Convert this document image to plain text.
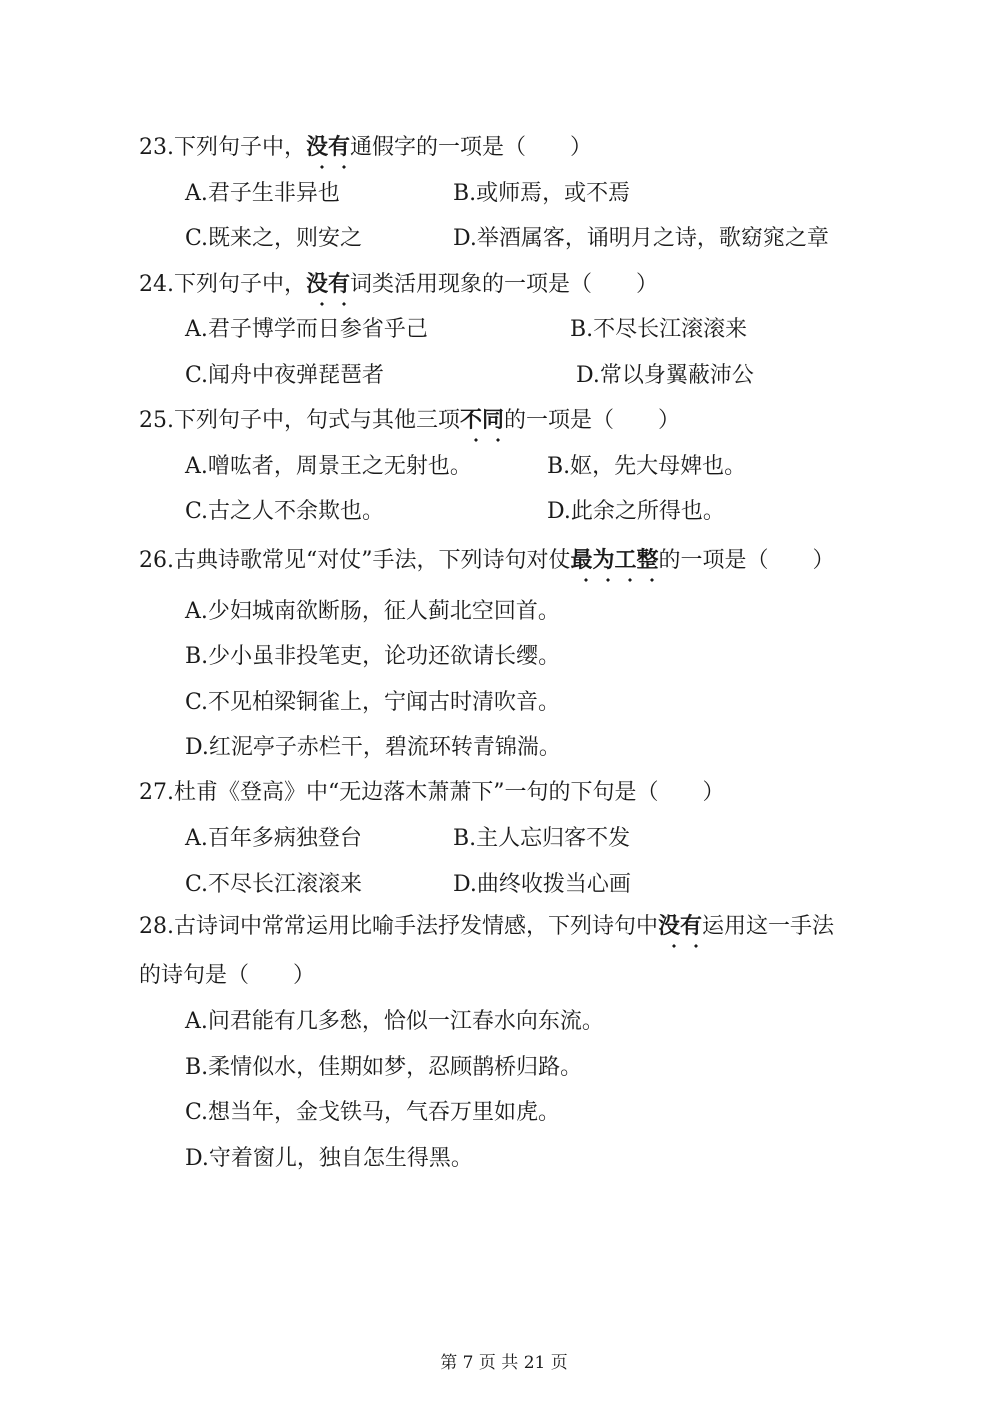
23.下列句子中，没有通假字的一项是（　　）
A.君子生非异也	B.或师焉，或不焉
C.既来之，则安之	D.举酒属客，诵明月之诗，歌窈窕之章
24.下列句子中，没有词类活用现象的一项是（　　）
A.君子博学而日参省乎己	B.不尽长江滚滚来
C.闻舟中夜弹琵琶者	D.常以身翼蔽沛公
25.下列句子中，句式与其他三项不同的一项是（　　）
A.噌吰者，周景王之无射也。	B.妪，先大母婢也。
C.古之人不余欺也。	D.此余之所得也。
26.古典诗歌常见“对仗”手法，下列诗句对仗最为工整的一项是（　　）
A.少妇城南欲断肠，征人蓟北空回首。
B.少小虽非投笔吏，论功还欲请长缨。
C.不见柏梁铜雀上，宁闻古时清吹音。
D.红泥亭子赤栏干，碧流环转青锦湍。
27.杜甫《登高》中“无边落木萧萧下”一句的下句是（　　）
A.百年多病独登台	B.主人忘归客不发
C.不尽长江滚滚来	D.曲终收拨当心画
28.古诗词中常常运用比喻手法抒发情感，下列诗句中没有运用这一手法
的诗句是（　　）
A.问君能有几多愁，恰似一江春水向东流。
B.柔情似水，佳期如梦，忍顾鹊桥归路。
C.想当年，金戈铁马，气吞万里如虎。
D.守着窗儿，独自怎生得黑。
第 7 页 共 21 页
